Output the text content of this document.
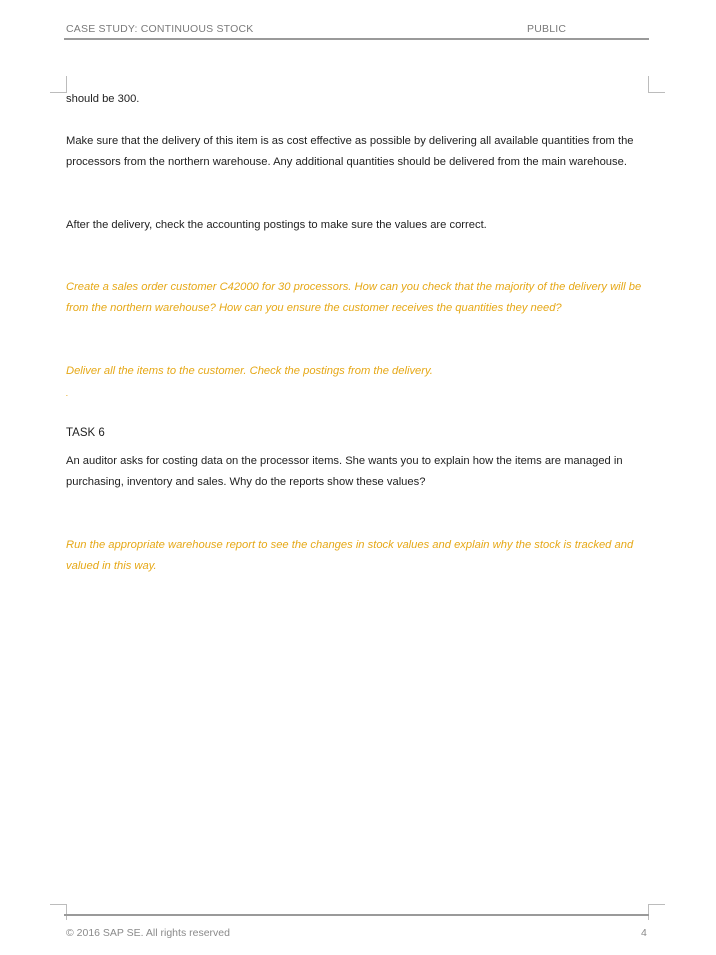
CASE STUDY: CONTINUOUS STOCK	PUBLIC

should be 300.

Make sure that the delivery of this item is as cost effective as possible by delivering all available quantities from the processors from the northern warehouse. Any additional quantities should be delivered from the main warehouse.

After the delivery, check the accounting postings to make sure the values are correct.

Create a sales order customer C42000 for 30 processors. How can you check that the majority of the delivery will be from the northern warehouse? How can you ensure the customer receives the quantities they need?

Deliver all the items to the customer. Check the postings from the delivery.

.

TASK 6

An auditor asks for costing data on the processor items. She wants you to explain how the items are managed in purchasing, inventory and sales. Why do the reports show these values?

Run the appropriate warehouse report to see the changes in stock values and explain why the stock is tracked and valued in this way.

© 2016 SAP SE. All rights reserved	4
